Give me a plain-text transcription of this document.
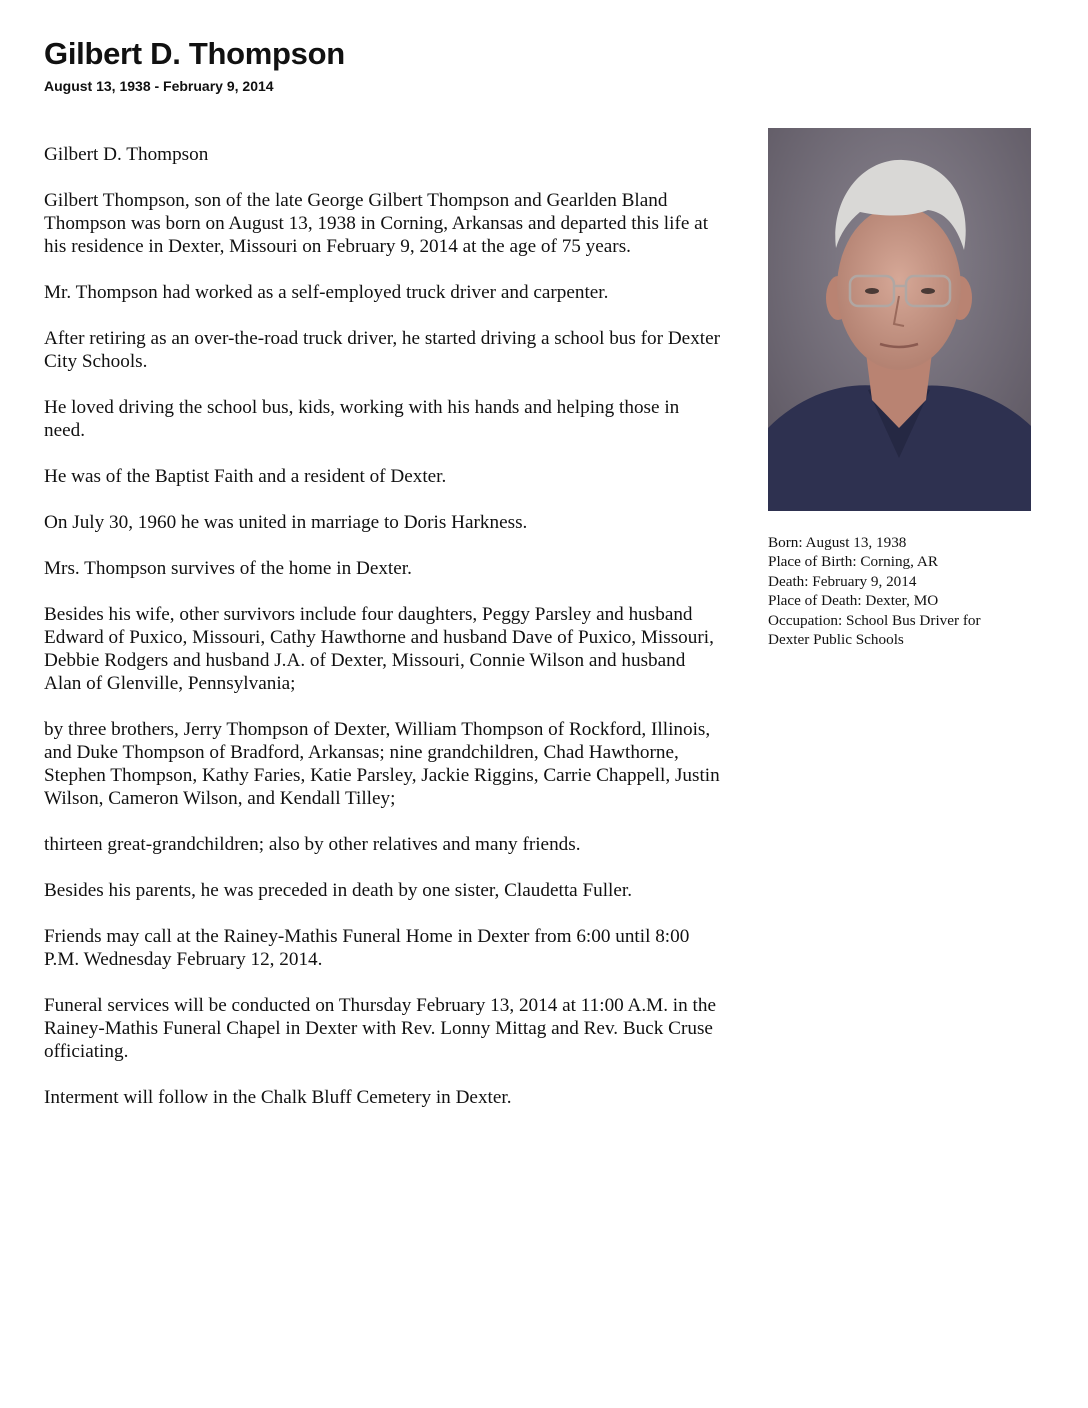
Gilbert D. Thompson
August 13, 1938 - February 9, 2014

Gilbert D. Thompson

Gilbert Thompson, son of the late George Gilbert Thompson and Gearlden Bland Thompson was born on August 13, 1938 in Corning, Arkansas and departed this life at his residence in Dexter, Missouri on February 9, 2014 at the age of 75 years.

Mr. Thompson had worked as a self-employed truck driver and carpenter.

After retiring as an over-the-road truck driver, he started driving a school bus for Dexter City Schools.

He loved driving the school bus, kids, working with his hands and helping those in need.

He was of the Baptist Faith and a resident of Dexter.

On July 30, 1960 he was united in marriage to Doris Harkness.

Mrs. Thompson survives of the home in Dexter.

Besides his wife, other survivors include four daughters, Peggy Parsley and husband Edward of Puxico, Missouri, Cathy Hawthorne and husband Dave of Puxico, Missouri, Debbie Rodgers and husband J.A. of Dexter, Missouri, Connie Wilson and husband Alan of Glenville, Pennsylvania;

by three brothers, Jerry Thompson of Dexter, William Thompson of Rockford, Illinois, and Duke Thompson of Bradford, Arkansas; nine grandchildren, Chad Hawthorne, Stephen Thompson, Kathy Faries, Katie Parsley, Jackie Riggins, Carrie Chappell, Justin Wilson, Cameron Wilson, and Kendall Tilley;

thirteen great-grandchildren; also by other relatives and many friends.

Besides his parents, he was preceded in death by one sister, Claudetta Fuller.

Friends may call at the Rainey-Mathis Funeral Home in Dexter from 6:00 until 8:00 P.M. Wednesday February 12, 2014.

Funeral services will be conducted on Thursday February 13, 2014 at 11:00 A.M. in the Rainey-Mathis Funeral Chapel in Dexter with Rev. Lonny Mittag and Rev. Buck Cruse officiating.

Interment will follow in the Chalk Bluff Cemetery in Dexter.

Born: August 13, 1938
Place of Birth: Corning, AR
Death: February 9, 2014
Place of Death: Dexter, MO
Occupation: School Bus Driver for
Dexter Public Schools
